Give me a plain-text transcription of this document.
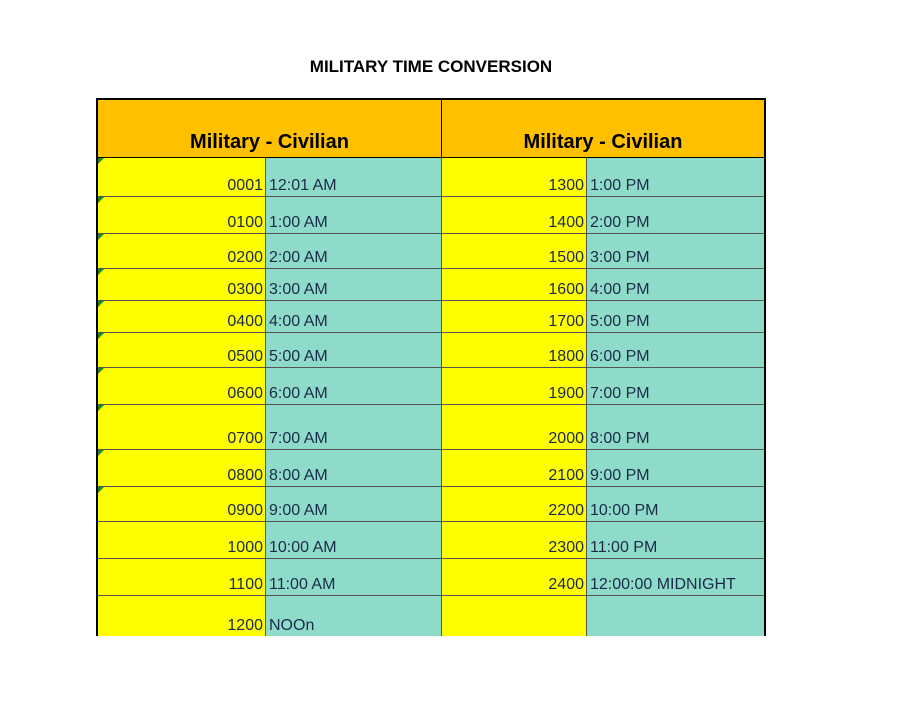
MILITARY TIME CONVERSION
Military - Civilian	Military - Civilian
0001 12:01 AM	1300 1:00 PM
0100 1:00 AM	1400 2:00 PM
0200 2:00 AM	1500 3:00 PM
0300 3:00 AM	1600 4:00 PM
0400 4:00 AM	1700 5:00 PM
0500 5:00 AM	1800 6:00 PM
0600 6:00 AM	1900 7:00 PM
0700 7:00 AM	2000 8:00 PM
0800 8:00 AM	2100 9:00 PM
0900 9:00 AM	2200 10:00 PM
1000 10:00 AM	2300 11:00 PM
1100 11:00 AM	2400 12:00:00 MIDNIGHT
1200 NOOn
